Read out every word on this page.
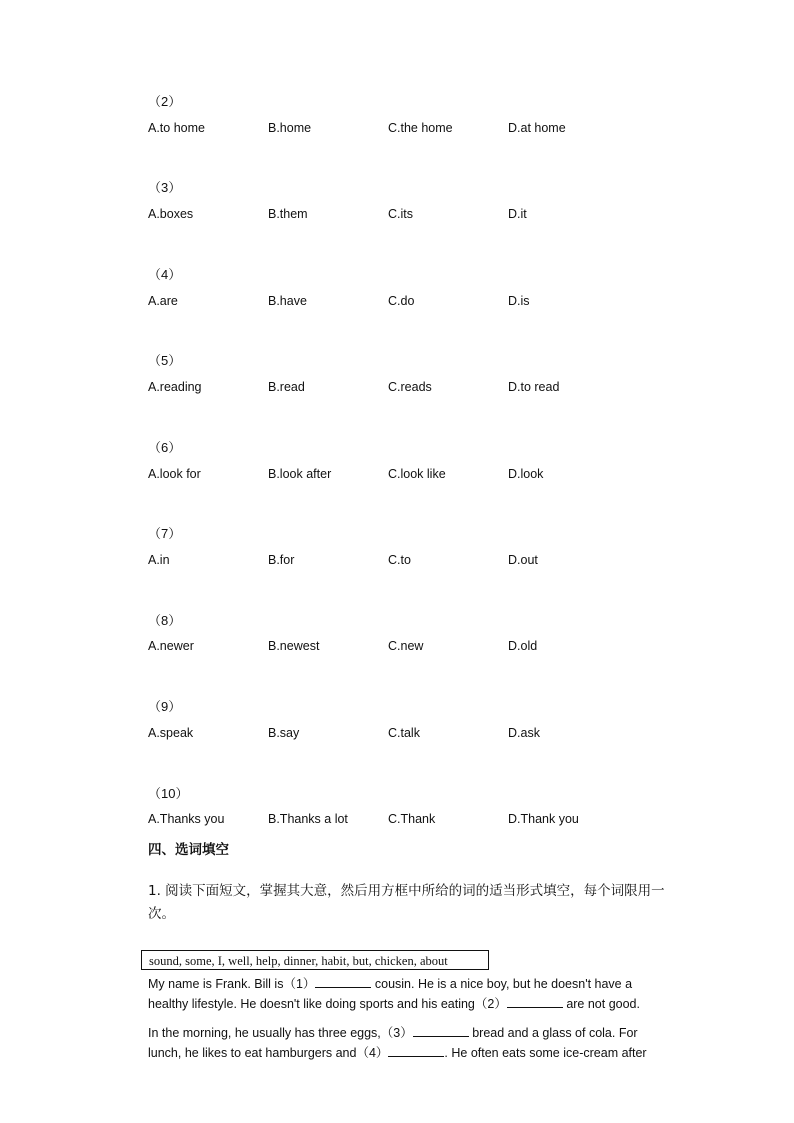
（2）
A.to home	B.home	C.the home	D.at home
（3）
A.boxes	B.them	C.its	D.it
（4）
A.are	B.have	C.do	D.is
（5）
A.reading	B.read	C.reads	D.to read
（6）
A.look for	B.look after	C.look like	D.look
（7）
A.in	B.for	C.to	D.out
（8）
A.newer	B.newest	C.new	D.old
（9）
A.speak	B.say	C.talk	D.ask
（10）
A.Thanks you	B.Thanks a lot	C.Thank	D.Thank you
四、选词填空
1. 阅读下面短文，掌握其大意，然后用方框中所给的词的适当形式填空，每个词限用一次。
sound, some, I, well, help, dinner, habit, but, chicken, about
My name is Frank. Bill is（1）	cousin. He is a nice boy, but he doesn't have a
healthy lifestyle. He doesn't like doing sports and his eating（2）	are not good.
In the morning, he usually has three eggs,（3）	bread and a glass of cola. For
lunch, he likes to eat hamburgers and（4）	. He often eats some ice-cream after
